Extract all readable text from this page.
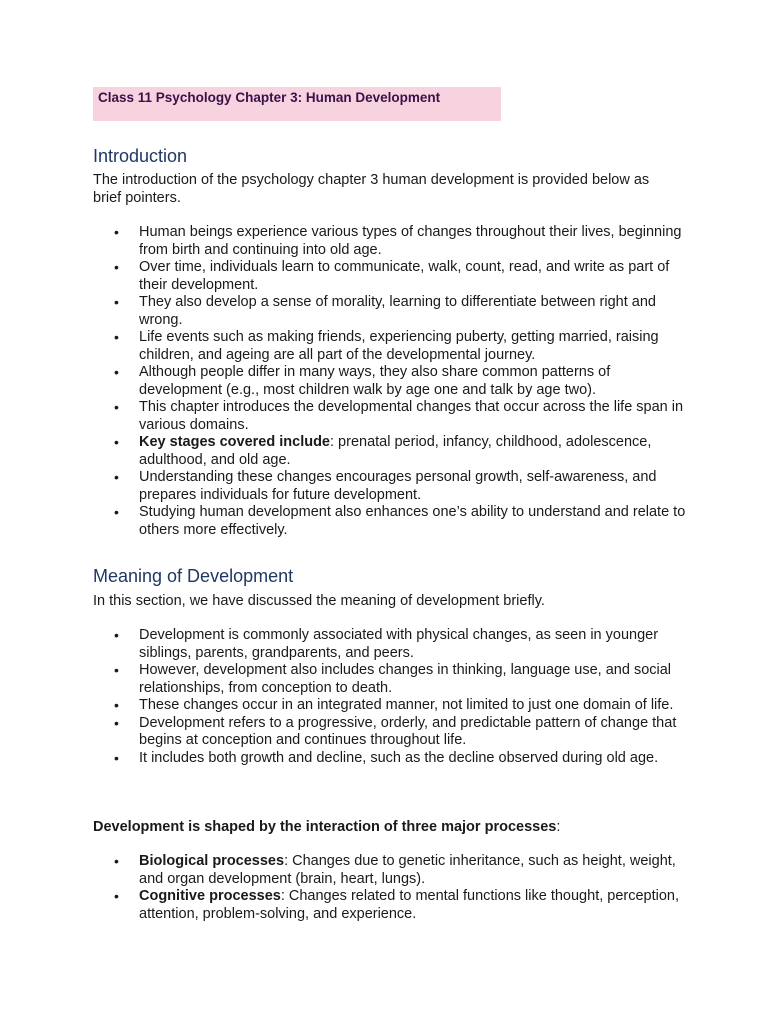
Class 11 Psychology Chapter 3: Human Development
Introduction
The introduction of the psychology chapter 3 human development is provided below as brief pointers.
• Human beings experience various types of changes throughout their lives, beginning from birth and continuing into old age.
• Over time, individuals learn to communicate, walk, count, read, and write as part of their development.
• They also develop a sense of morality, learning to differentiate between right and wrong.
• Life events such as making friends, experiencing puberty, getting married, raising children, and ageing are all part of the developmental journey.
• Although people differ in many ways, they also share common patterns of development (e.g., most children walk by age one and talk by age two).
• This chapter introduces the developmental changes that occur across the life span in various domains.
• Key stages covered include: prenatal period, infancy, childhood, adolescence, adulthood, and old age.
• Understanding these changes encourages personal growth, self-awareness, and prepares individuals for future development.
• Studying human development also enhances one’s ability to understand and relate to others more effectively.
Meaning of Development
In this section, we have discussed the meaning of development briefly.
• Development is commonly associated with physical changes, as seen in younger siblings, parents, grandparents, and peers.
• However, development also includes changes in thinking, language use, and social relationships, from conception to death.
• These changes occur in an integrated manner, not limited to just one domain of life.
• Development refers to a progressive, orderly, and predictable pattern of change that begins at conception and continues throughout life.
• It includes both growth and decline, such as the decline observed during old age.
Development is shaped by the interaction of three major processes:
• Biological processes: Changes due to genetic inheritance, such as height, weight, and organ development (brain, heart, lungs).
• Cognitive processes: Changes related to mental functions like thought, perception, attention, problem-solving, and experience.
